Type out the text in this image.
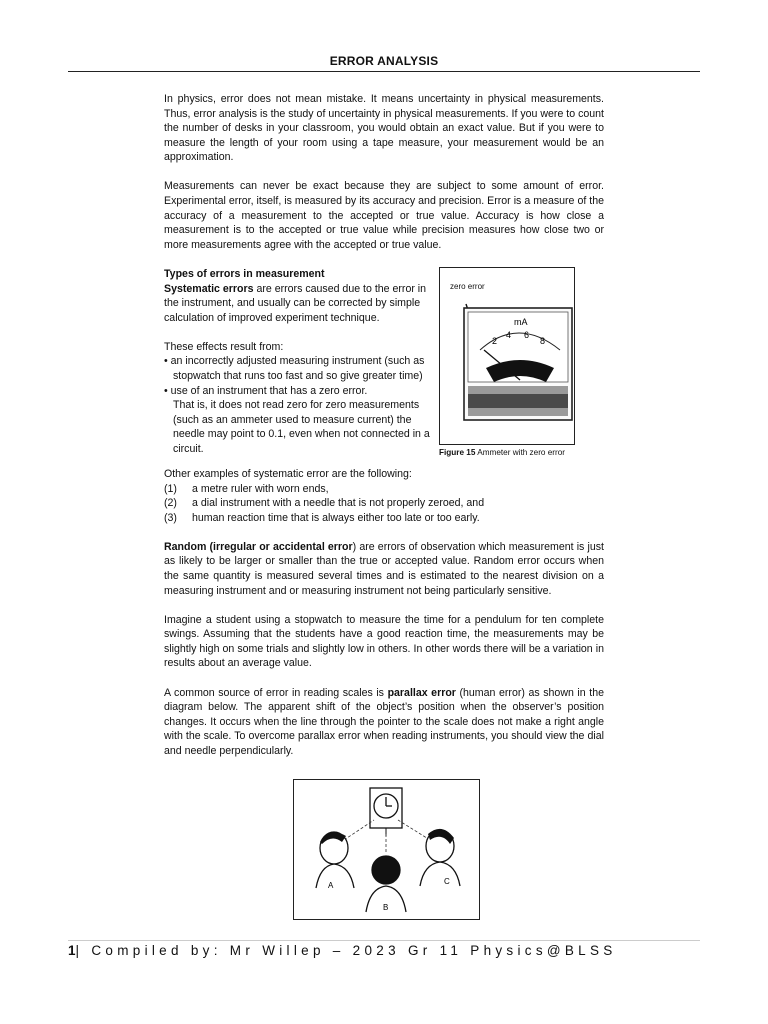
ERROR ANALYSIS

In physics, error does not mean mistake. It means uncertainty in physical measurements. Thus, error analysis is the study of uncertainty in physical measurements. If you were to count the number of desks in your classroom, you would obtain an exact value. But if you were to measure the length of your room using a tape measure, your measurement would be an approximation.

Measurements can never be exact because they are subject to some amount of error. Experimental error, itself, is measured by its accuracy and precision. Error is a measure of the accuracy of a measurement to the accepted or true value. Accuracy is how close a measurement is to the accepted or true value while precision measures how close two or more measurements agree with the accepted or true value.

Types of errors in measurement

Systematic errors are errors caused due to the error in the instrument, and usually can be corrected by simple calculation of improved experiment technique.

These effects result from:

• an incorrectly adjusted measuring instrument (such as stopwatch that runs too fast and so give greater time)

• use of an instrument that has a zero error.

That is, it does not read zero for zero measurements (such as an ammeter used to measure current) the needle may point to 0.1, even when not connected in a circuit.

zero error
mA
2
4 6
8
Figure 15 Ammeter with zero error

Other examples of systematic error are the following:

(1)	a metre ruler with worn ends,
(2)	a dial instrument with a needle that is not properly zeroed, and
(3)	human reaction time that is always either too late or too early.

Random (irregular or accidental error) are errors of observation which measurement is just as likely to be larger or smaller than the true or accepted value. Random error occurs when the same quantity is measured several times and is estimated to the nearest division on a measuring instrument and or measuring instrument not being particularly sensitive.

Imagine a student using a stopwatch to measure the time for a pendulum for ten complete swings. Assuming that the students have a good reaction time, the measurements may be slightly high on some trials and slightly low in others. In other words there will be a variation in results about an average value.

A common source of error in reading scales is parallax error (human error) as shown in the diagram below. The apparent shift of the object’s position when the observer’s position changes. It occurs when the line through the pointer to the scale does not make a right angle with the scale. To overcome parallax error when reading instruments, you should view the dial and needle perpendicularly.

A
B
C
1| Compiled by: Mr Willep – 2023 Gr 11 Physics@BLSS
